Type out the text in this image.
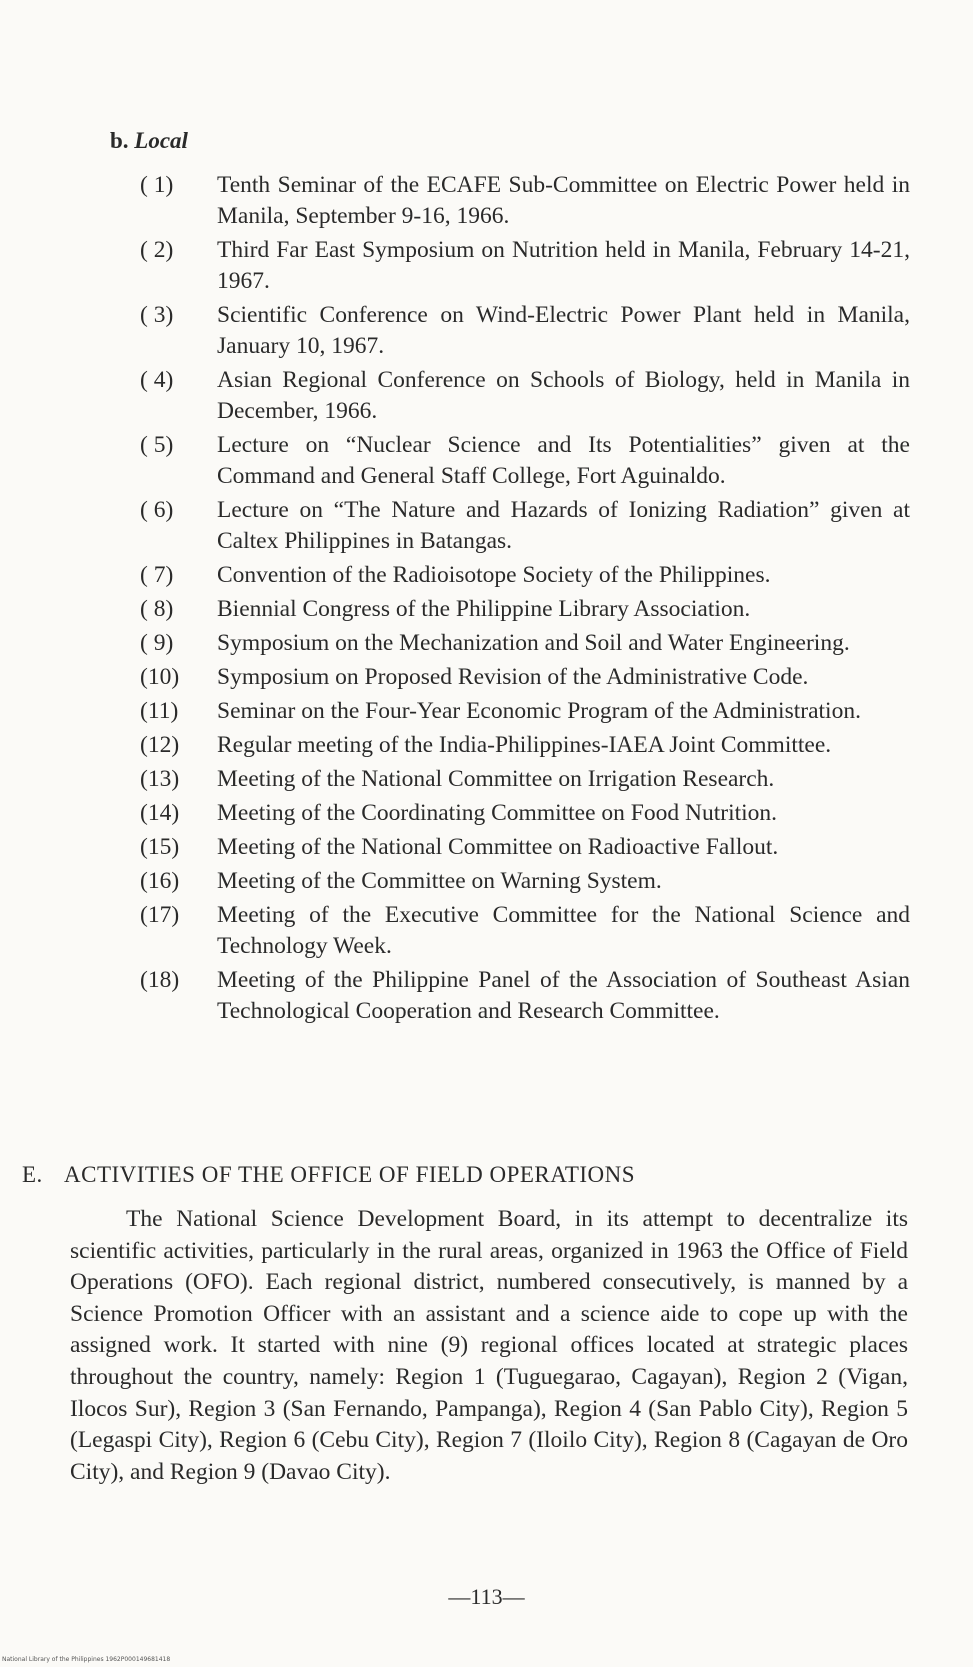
b. Local
( 1)	Tenth Seminar of the ECAFE Sub-Committee on Electric Power held in Manila, September 9-16, 1966.
( 2)	Third Far East Symposium on Nutrition held in Manila, February 14-21, 1967.
( 3)	Scientific Conference on Wind-Electric Power Plant held in Manila, January 10, 1967.
( 4)	Asian Regional Conference on Schools of Biology, held in Manila in December, 1966.
( 5)	Lecture on “Nuclear Science and Its Potentialities” given at the Command and General Staff College, Fort Aguinaldo.
( 6)	Lecture on “The Nature and Hazards of Ionizing Radiation” given at Caltex Philippines in Batangas.
( 7)	Convention of the Radioisotope Society of the Philippines.
( 8)	Biennial Congress of the Philippine Library Association.
( 9)	Symposium on the Mechanization and Soil and Water Engineering.
(10)	Symposium on Proposed Revision of the Administrative Code.
(11)	Seminar on the Four-Year Economic Program of the Administration.
(12)	Regular meeting of the India-Philippines-IAEA Joint Committee.
(13)	Meeting of the National Committee on Irrigation Research.
(14)	Meeting of the Coordinating Committee on Food Nutrition.
(15)	Meeting of the National Committee on Radioactive Fallout.
(16)	Meeting of the Committee on Warning System.
(17)	Meeting of the Executive Committee for the National Science and Technology Week.
(18)	Meeting of the Philippine Panel of the Association of Southeast Asian Technological Cooperation and Research Committee.
E. ACTIVITIES OF THE OFFICE OF FIELD OPERATIONS

The National Science Development Board, in its attempt to decentralize its scientific activities, particularly in the rural areas, organized in 1963 the Office of Field Operations (OFO). Each regional district, numbered consecutively, is manned by a Science Promotion Officer with an assistant and a science aide to cope up with the assigned work. It started with nine (9) regional offices located at strategic places throughout the country, namely: Region 1 (Tuguegarao, Cagayan), Region 2 (Vigan, Ilocos Sur), Region 3 (San Fernando, Pampanga), Region 4 (San Pablo City), Region 5 (Legaspi City), Region 6 (Cebu City), Region 7 (Iloilo City), Region 8 (Cagayan de Oro City), and Region 9 (Davao City).

—113—
National Library of the Philippines 1962P000149681418
